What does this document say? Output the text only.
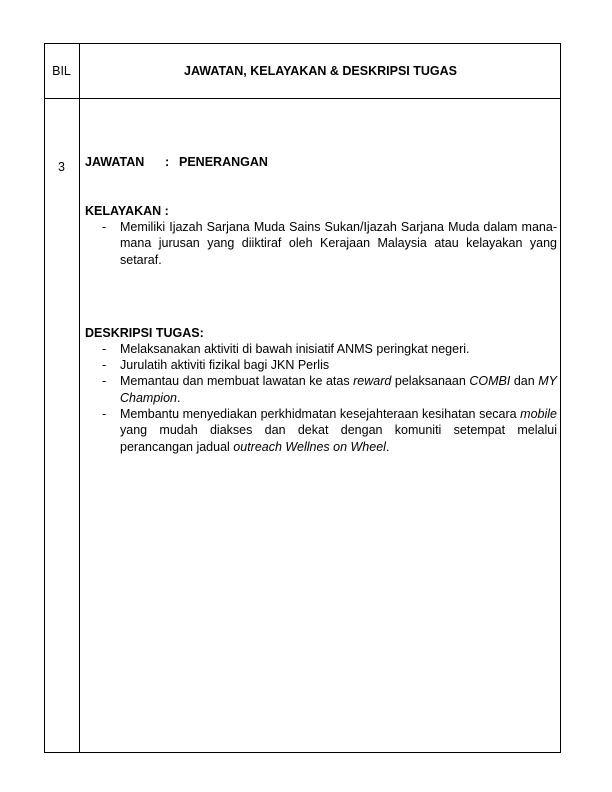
BIL	JAWATAN, KELAYAKAN & DESKRIPSI TUGAS
3	JAWATAN : PENERANGAN

KELAYAKAN :

- Memiliki Ijazah Sarjana Muda Sains Sukan/Ijazah Sarjana Muda dalam mana-mana jurusan yang diiktiraf oleh Kerajaan Malaysia atau kelayakan yang setaraf.

DESKRIPSI TUGAS:

- Melaksanakan aktiviti di bawah inisiatif ANMS peringkat negeri.
- Jurulatih aktiviti fizikal bagi JKN Perlis
- Memantau dan membuat lawatan ke atas reward pelaksanaan COMBI dan MY Champion.
- Membantu menyediakan perkhidmatan kesejahteraan kesihatan secara mobile yang mudah diakses dan dekat dengan komuniti setempat melalui perancangan jadual outreach Wellnes on Wheel.
